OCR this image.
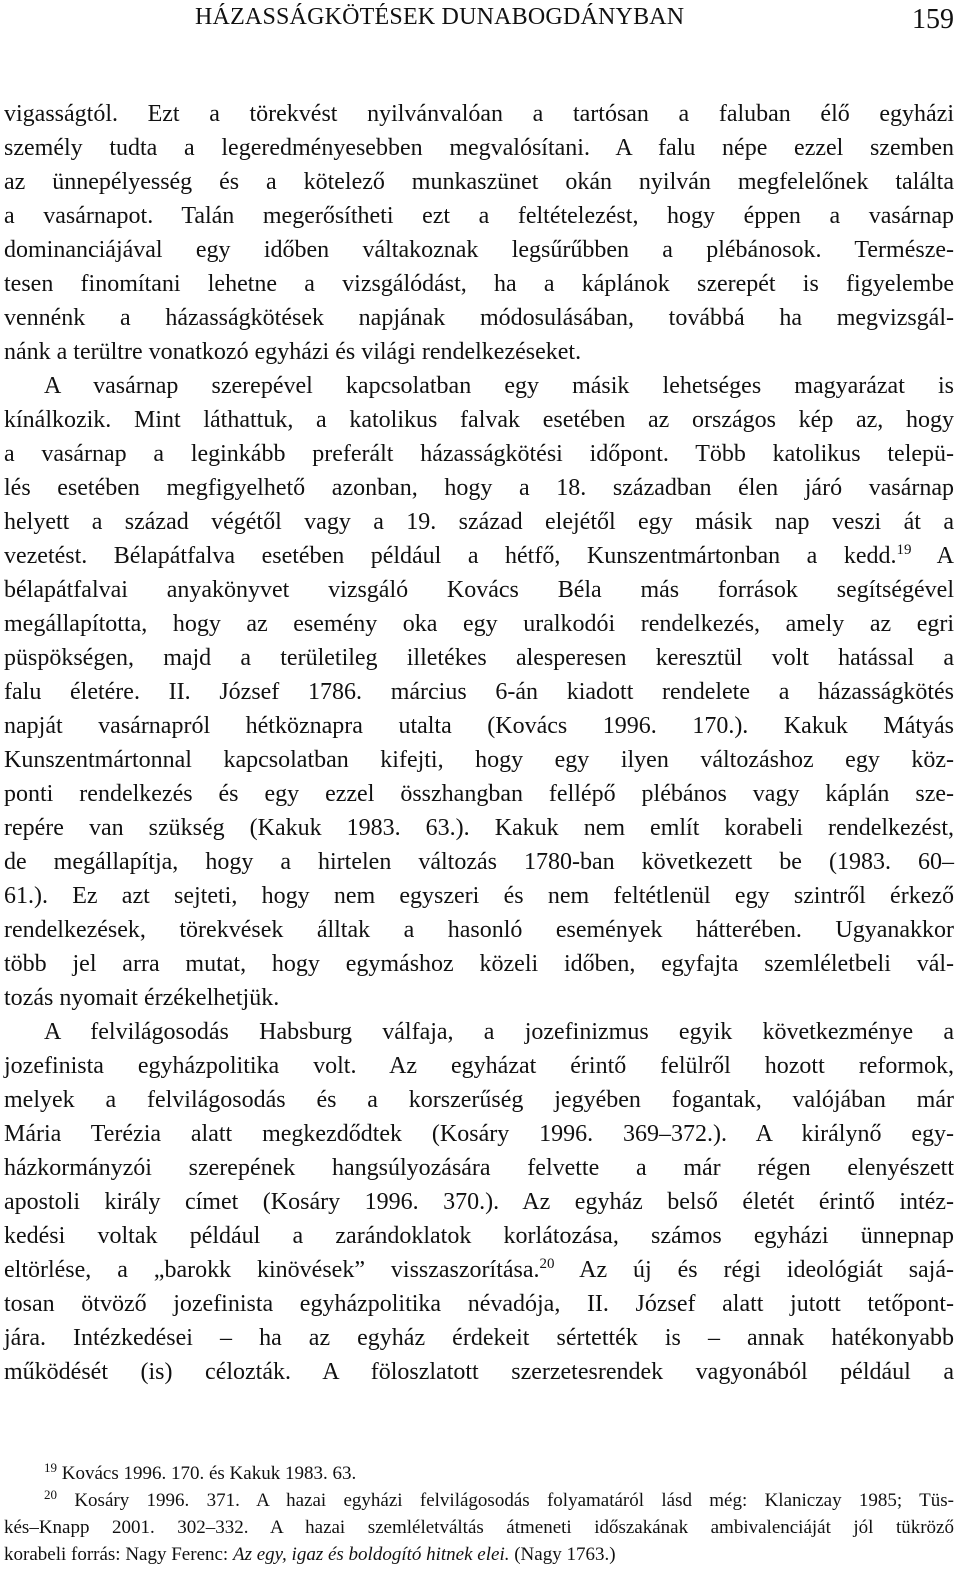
HÁZASSÁGKÖTÉSEK DUNABOGDÁNYBAN	159
vigasságtól. Ezt a törekvést nyilvánvalóan a tartósan a faluban élő egyházi
személy tudta a legeredményesebben megvalósítani. A falu népe ezzel szemben
az ünnepélyesség és a kötelező munkaszünet okán nyilván megfelelőnek találta
a vasárnapot. Talán megerősítheti ezt a feltételezést, hogy éppen a vasárnap
dominanciájával egy időben váltakoznak legsűrűbben a plébánosok. Természe-
tesen finomítani lehetne a vizsgálódást, ha a káplánok szerepét is figyelembe
vennénk a házasságkötések napjának módosulásában, továbbá ha megvizsgál-
nánk a terültre vonatkozó egyházi és világi rendelkezéseket.
A vasárnap szerepével kapcsolatban egy másik lehetséges magyarázat is
kínálkozik. Mint láthattuk, a katolikus falvak esetében az országos kép az, hogy
a vasárnap a leginkább preferált házasságkötési időpont. Több katolikus telepü-
lés esetében megfigyelhető azonban, hogy a 18. században élen járó vasárnap
helyett a század végétől vagy a 19. század elejétől egy másik nap veszi át a
vezetést. Bélapátfalva esetében például a hétfő, Kunszentmártonban a kedd.$^{19}$ A
bélapátfalvai anyakönyvet vizsgáló Kovács Béla más források segítségével
megállapította, hogy az esemény oka egy uralkodói rendelkezés, amely az egri
püspökségen, majd a területileg illetékes alesperesen keresztül volt hatással a
falu életére. II. József 1786. március 6-án kiadott rendelete a házasságkötés
napját vasárnapról hétköznapra utalta (Kovács 1996. 170.). Kakuk Mátyás
Kunszentmártonnal kapcsolatban kifejti, hogy egy ilyen változáshoz egy köz-
ponti rendelkezés és egy ezzel összhangban fellépő plébános vagy káplán sze-
repére van szükség (Kakuk 1983. 63.). Kakuk nem említ korabeli rendelkezést,
de megállapítja, hogy a hirtelen változás 1780-ban következett be (1983. 60–
61.). Ez azt sejteti, hogy nem egyszeri és nem feltétlenül egy szintről érkező
rendelkezések, törekvések álltak a hasonló események hátterében. Ugyanakkor
több jel arra mutat, hogy egymáshoz közeli időben, egyfajta szemléletbeli vál-
tozás nyomait érzékelhetjük.
A felvilágosodás Habsburg válfaja, a jozefinizmus egyik következménye a
jozefinista egyházpolitika volt. Az egyházat érintő felülről hozott reformok,
melyek a felvilágosodás és a korszerűség jegyében fogantak, valójában már
Mária Terézia alatt megkezdődtek (Kosáry 1996. 369–372.). A királynő egy-
házkormányzói szerepének hangsúlyozására felvette a már régen elenyészett
apostoli király címet (Kosáry 1996. 370.). Az egyház belső életét érintő intéz-
kedési voltak például a zarándoklatok korlátozása, számos egyházi ünnepnap
eltörlése, a „barokk kinövések” visszaszorítása.$^{20}$ Az új és régi ideológiát sajá-
tosan ötvöző jozefinista egyházpolitika névadója, II. József alatt jutott tetőpont-
jára. Intézkedései – ha az egyház érdekeit sértették is – annak hatékonyabb
működését (is) célozták. A föloszlatott szerzetesrendek vagyonából például a
$^{19}$ Kovács 1996. 170. és Kakuk 1983. 63.
$^{20}$ Kosáry 1996. 371. A hazai egyházi felvilágosodás folyamatáról lásd még: Klaniczay 1985; Tüs-
kés–Knapp 2001. 302–332. A hazai szemléletváltás átmeneti időszakának ambivalenciáját jól tükröző
korabeli forrás: Nagy Ferenc: Az egy, igaz és boldogító hitnek elei. (Nagy 1763.)
